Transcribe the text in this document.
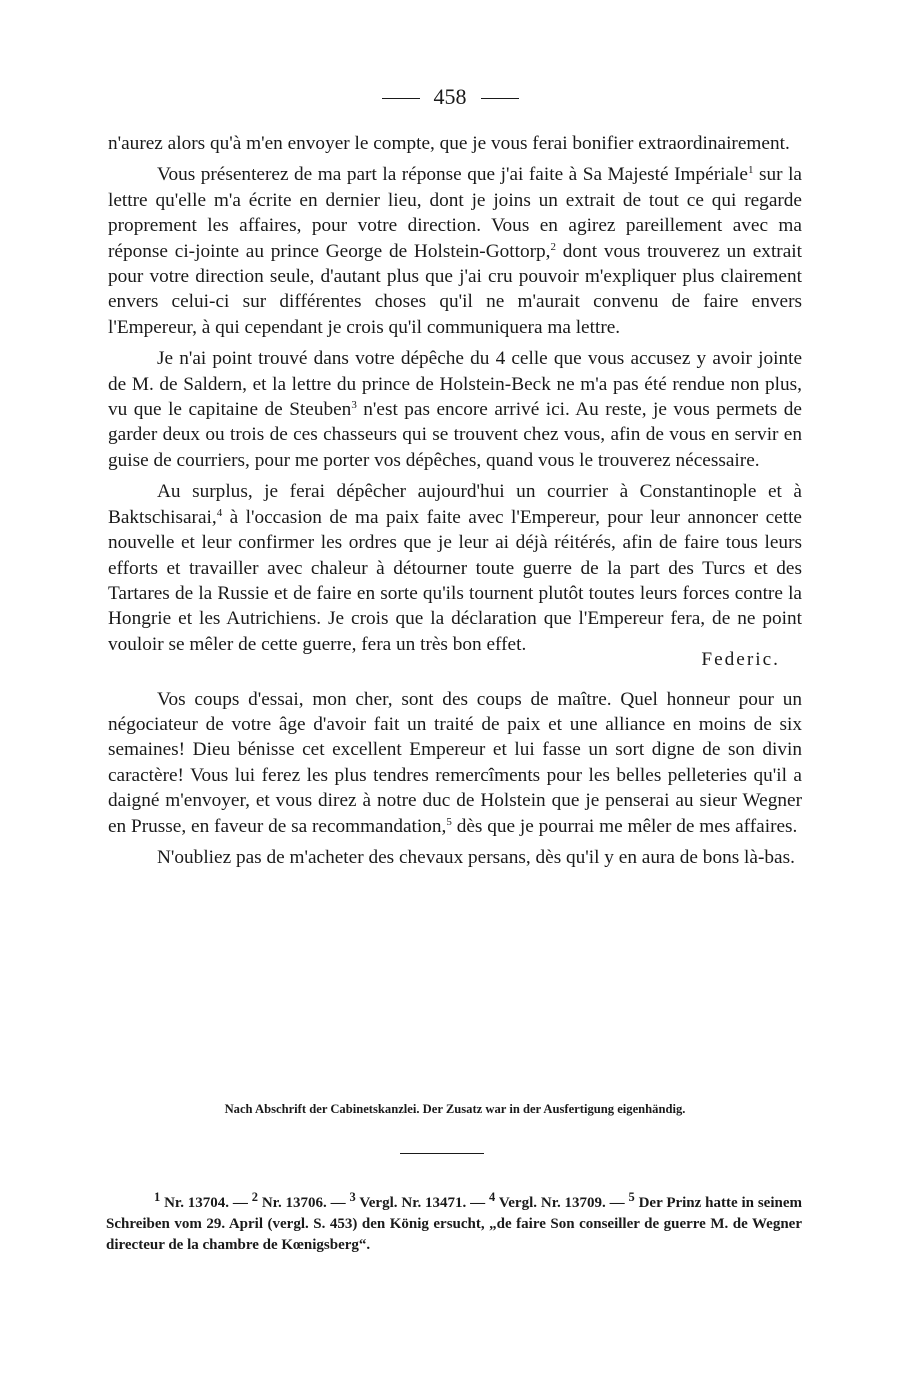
458

n'aurez alors qu'à m'en envoyer le compte, que je vous ferai bonifier extraordinairement.

Vous présenterez de ma part la réponse que j'ai faite à Sa Majesté Impériale$^1$ sur la lettre qu'elle m'a écrite en dernier lieu, dont je joins un extrait de tout ce qui regarde proprement les affaires, pour votre direction. Vous en agirez pareillement avec ma réponse ci-jointe au prince George de Holstein-Gottorp,$^2$ dont vous trouverez un extrait pour votre direction seule, d'autant plus que j'ai cru pouvoir m'expliquer plus clairement envers celui-ci sur différentes choses qu'il ne m'aurait convenu de faire envers l'Empereur, à qui cependant je crois qu'il communiquera ma lettre.

Je n'ai point trouvé dans votre dépêche du 4 celle que vous accusez y avoir jointe de M. de Saldern, et la lettre du prince de Holstein-Beck ne m'a pas été rendue non plus, vu que le capitaine de Steuben$^3$ n'est pas encore arrivé ici. Au reste, je vous permets de garder deux ou trois de ces chasseurs qui se trouvent chez vous, afin de vous en servir en guise de courriers, pour me porter vos dépêches, quand vous le trouverez nécessaire.

Au surplus, je ferai dépêcher aujourd'hui un courrier à Constantinople et à Baktschisarai,$^4$ à l'occasion de ma paix faite avec l'Empereur, pour leur annoncer cette nouvelle et leur confirmer les ordres que je leur ai déjà réitérés, afin de faire tous leurs efforts et travailler avec chaleur à détourner toute guerre de la part des Turcs et des Tartares de la Russie et de faire en sorte qu'ils tournent plutôt toutes leurs forces contre la Hongrie et les Autrichiens. Je crois que la déclaration que l'Empereur fera, de ne point vouloir se mêler de cette guerre, fera un très bon effet.

Federic.

Vos coups d'essai, mon cher, sont des coups de maître. Quel honneur pour un négociateur de votre âge d'avoir fait un traité de paix et une alliance en moins de six semaines! Dieu bénisse cet excellent Empereur et lui fasse un sort digne de son divin caractère! Vous lui ferez les plus tendres remercîments pour les belles pelleteries qu'il a daigné m'envoyer, et vous direz à notre duc de Holstein que je penserai au sieur Wegner en Prusse, en faveur de sa recommandation,$^5$ dès que je pourrai me mêler de mes affaires.

N'oubliez pas de m'acheter des chevaux persans, dès qu'il y en aura de bons là-bas.

Nach Abschrift der Cabinetskanzlei. Der Zusatz war in der Ausfertigung eigenhändig.
$^1$ Nr. 13704. — $^2$ Nr. 13706. — $^3$ Vergl. Nr. 13471. — $^4$ Vergl. Nr. 13709. — $^5$ Der Prinz hatte in seinem Schreiben vom 29. April (vergl. S. 453) den König ersucht, „de faire Son conseiller de guerre M. de Wegner directeur de la chambre de Kœnigsberg“.
